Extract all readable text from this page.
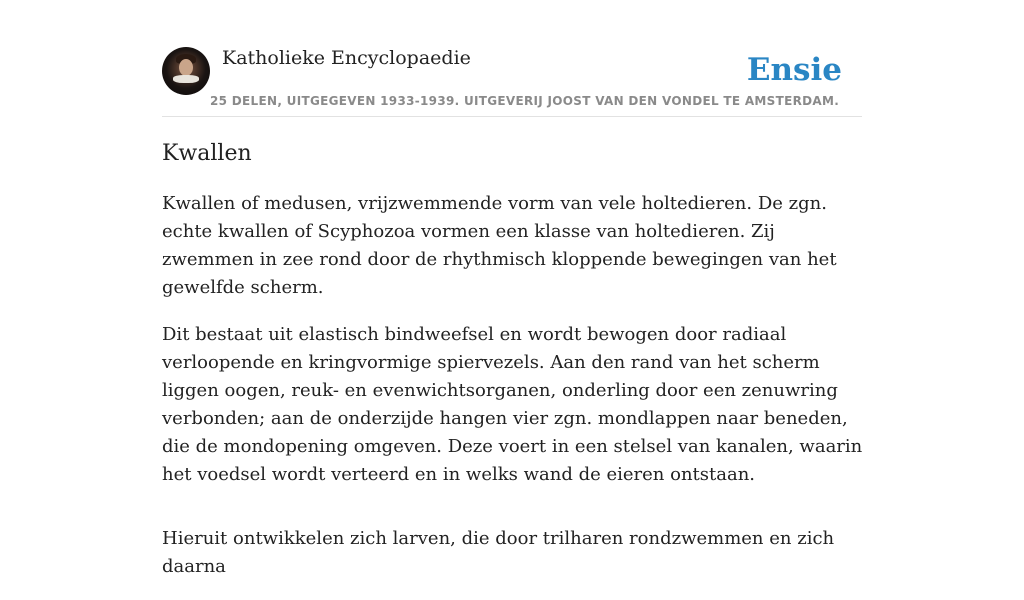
Katholieke Encyclopaedie
25 DELEN, UITGEGEVEN 1933-1939. UITGEVERIJ JOOST VAN DEN VONDEL TE AMSTERDAM.
Ensie
Kwallen

Kwallen of medusen, vrijzwemmende vorm van vele holtedieren. De zgn. echte kwallen of Scyphozoa vormen een klasse van holtedieren. Zij zwemmen in zee rond door de rhythmisch kloppende bewegingen van het gewelfde scherm.

Dit bestaat uit elastisch bindweefsel en wordt bewogen door radiaal verloopende en kringvormige spiervezels. Aan den rand van het scherm liggen oogen, reuk- en evenwichtsorganen, onderling door een zenuwring verbonden; aan de onderzijde hangen vier zgn. mondlappen naar beneden, die de mondopening omgeven. Deze voert in een stelsel van kanalen, waarin het voedsel wordt verteerd en in welks wand de eieren ontstaan.

Hieruit ontwikkelen zich larven, die door trilharen rondzwemmen en zich daarna
